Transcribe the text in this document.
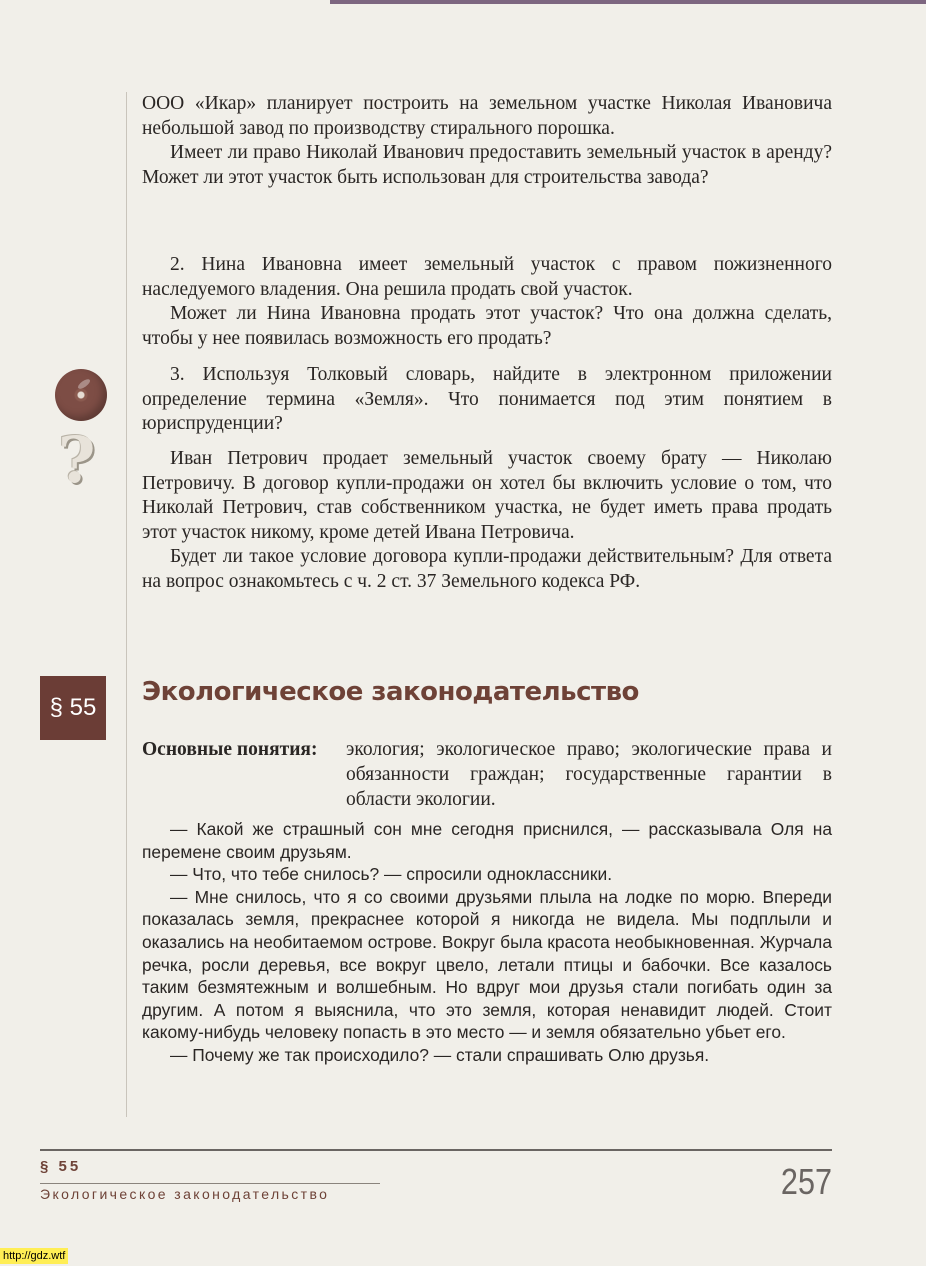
ООО «Икар» планирует построить на земельном участке Николая Ивановича небольшой завод по производству стирального порошка.

Имеет ли право Николай Иванович предоставить земельный участок в аренду? Может ли этот участок быть использован для строительства завода?

2. Нина Ивановна имеет земельный участок с правом пожизненного наследуемого владения. Она решила продать свой участок.

Может ли Нина Ивановна продать этот участок? Что она должна сделать, чтобы у нее появилась возможность его продать?

3. Используя Толковый словарь, найдите в электронном приложении определение термина «Земля». Что понимается под этим понятием в юриспруденции?

?	Иван Петрович продает земельный участок своему брату — Николаю Петровичу. В договор купли-продажи он хотел бы включить условие о том, что Николай Петрович, став собственником участка, не будет иметь права продать этот участок никому, кроме детей Ивана Петровича.

Будет ли такое условие договора купли-продажи действительным? Для ответа на вопрос ознакомьтесь с ч. 2 ст. 37 Земельного кодекса РФ.

§ 55
Экологическое законодательство
Основные понятия: экология; экологическое право; экологические права и обязанности граждан; государственные гарантии в области экологии.

— Какой же страшный сон мне сегодня приснился, — рассказывала Оля на перемене своим друзьям.

— Что, что тебе снилось? — спросили одноклассники.

— Мне снилось, что я со своими друзьями плыла на лодке по морю. Впереди показалась земля, прекраснее которой я никогда не видела. Мы подплыли и оказались на необитаемом острове. Вокруг была красота необыкновенная. Журчала речка, росли деревья, все вокруг цвело, летали птицы и бабочки. Все казалось таким безмятежным и волшебным. Но вдруг мои друзья стали погибать один за другим. А потом я выяснила, что это земля, которая ненавидит людей. Стоит какому-нибудь человеку попасть в это место — и земля обязательно убьет его.

— Почему же так происходило? — стали спрашивать Олю друзья.

§ 55
Экологическое законодательство	257
http://gdz.wtf
